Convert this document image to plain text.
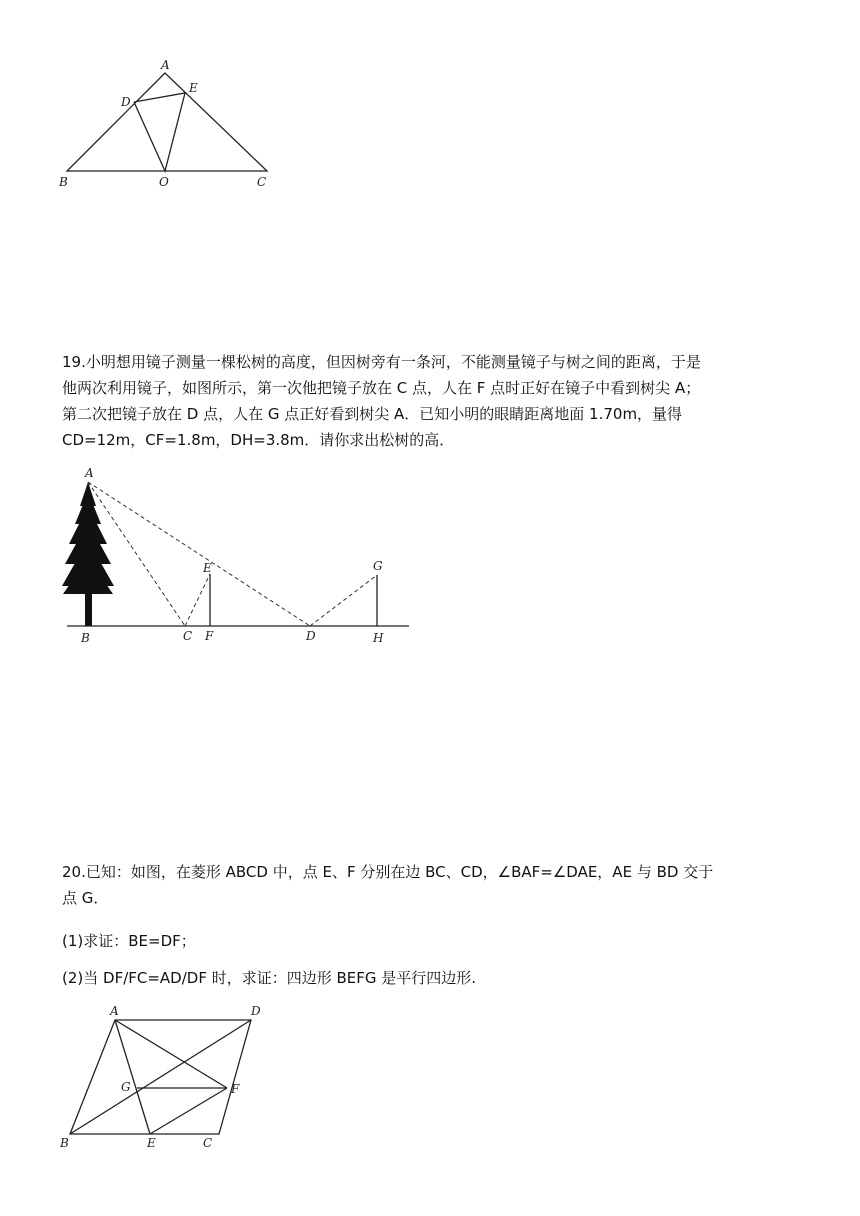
A
D
E
B	O	C
19.小明想用镜子测量一棵松树的高度，但因树旁有一条河，不能测量镜子与树之间的距离，于是
他两次利用镜子，如图所示，第一次他把镜子放在 C 点，人在 F 点时正好在镜子中看到树尖 A；
第二次把镜子放在 D 点，人在 G 点正好看到树尖 A．已知小明的眼睛距离地面 1.70m，量得
CD=12m，CF=1.8m，DH=3.8m．请你求出松树的高．
A
E	G
B	C F	D	H
20.已知：如图，在菱形 ABCD 中，点 E、F 分别在边 BC、CD，∠BAF=∠DAE，AE 与 BD 交于
点 G．
(1)求证：BE=DF；
(2)当 DF/FC=AD/DF 时，求证：四边形 BEFG 是平行四边形.
A	D
G	F
B	E	C
